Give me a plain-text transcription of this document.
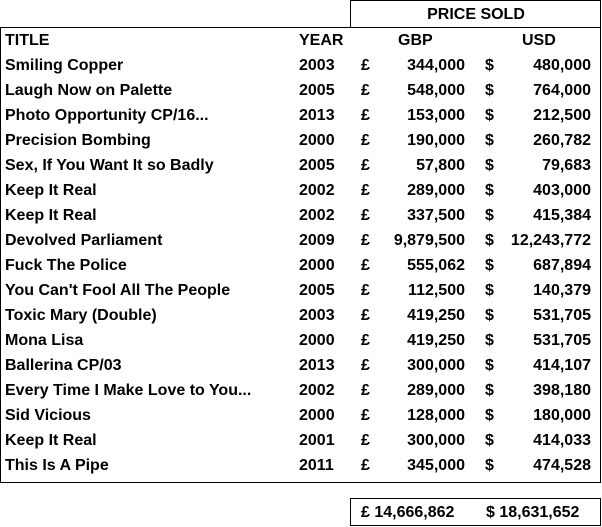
PRICE SOLD
TITLE	YEAR	GBP	USD
Smiling Copper	2003 £	344,000 $	480,000
Laugh Now on Palette	2005 £	548,000 $	764,000
Photo Opportunity CP/16...	2013 £	153,000 $	212,500
Precision Bombing	2000 £	190,000 $	260,782
Sex, If You Want It so Badly	2005 £	57,800 $	79,683
Keep It Real	2002 £	289,000 $	403,000
Keep It Real	2002 £	337,500 $	415,384
Devolved Parliament	2009 £	9,879,500 $	12,243,772
Fuck The Police	2000 £	555,062 $	687,894
You Can't Fool All The People	2005 £	112,500 $	140,379
Toxic Mary (Double)	2003 £	419,250 $	531,705
Mona Lisa	2000 £	419,250 $	531,705
Ballerina CP/03	2013 £	300,000 $	414,107
Every Time I Make Love to You...	2002 £	289,000 $	398,180
Sid Vicious	2000 £	128,000 $	180,000
Keep It Real	2001 £	300,000 $	414,033
This Is A Pipe	2011 £	345,000 $	474,528
£ 14,666,862 $ 18,631,652
